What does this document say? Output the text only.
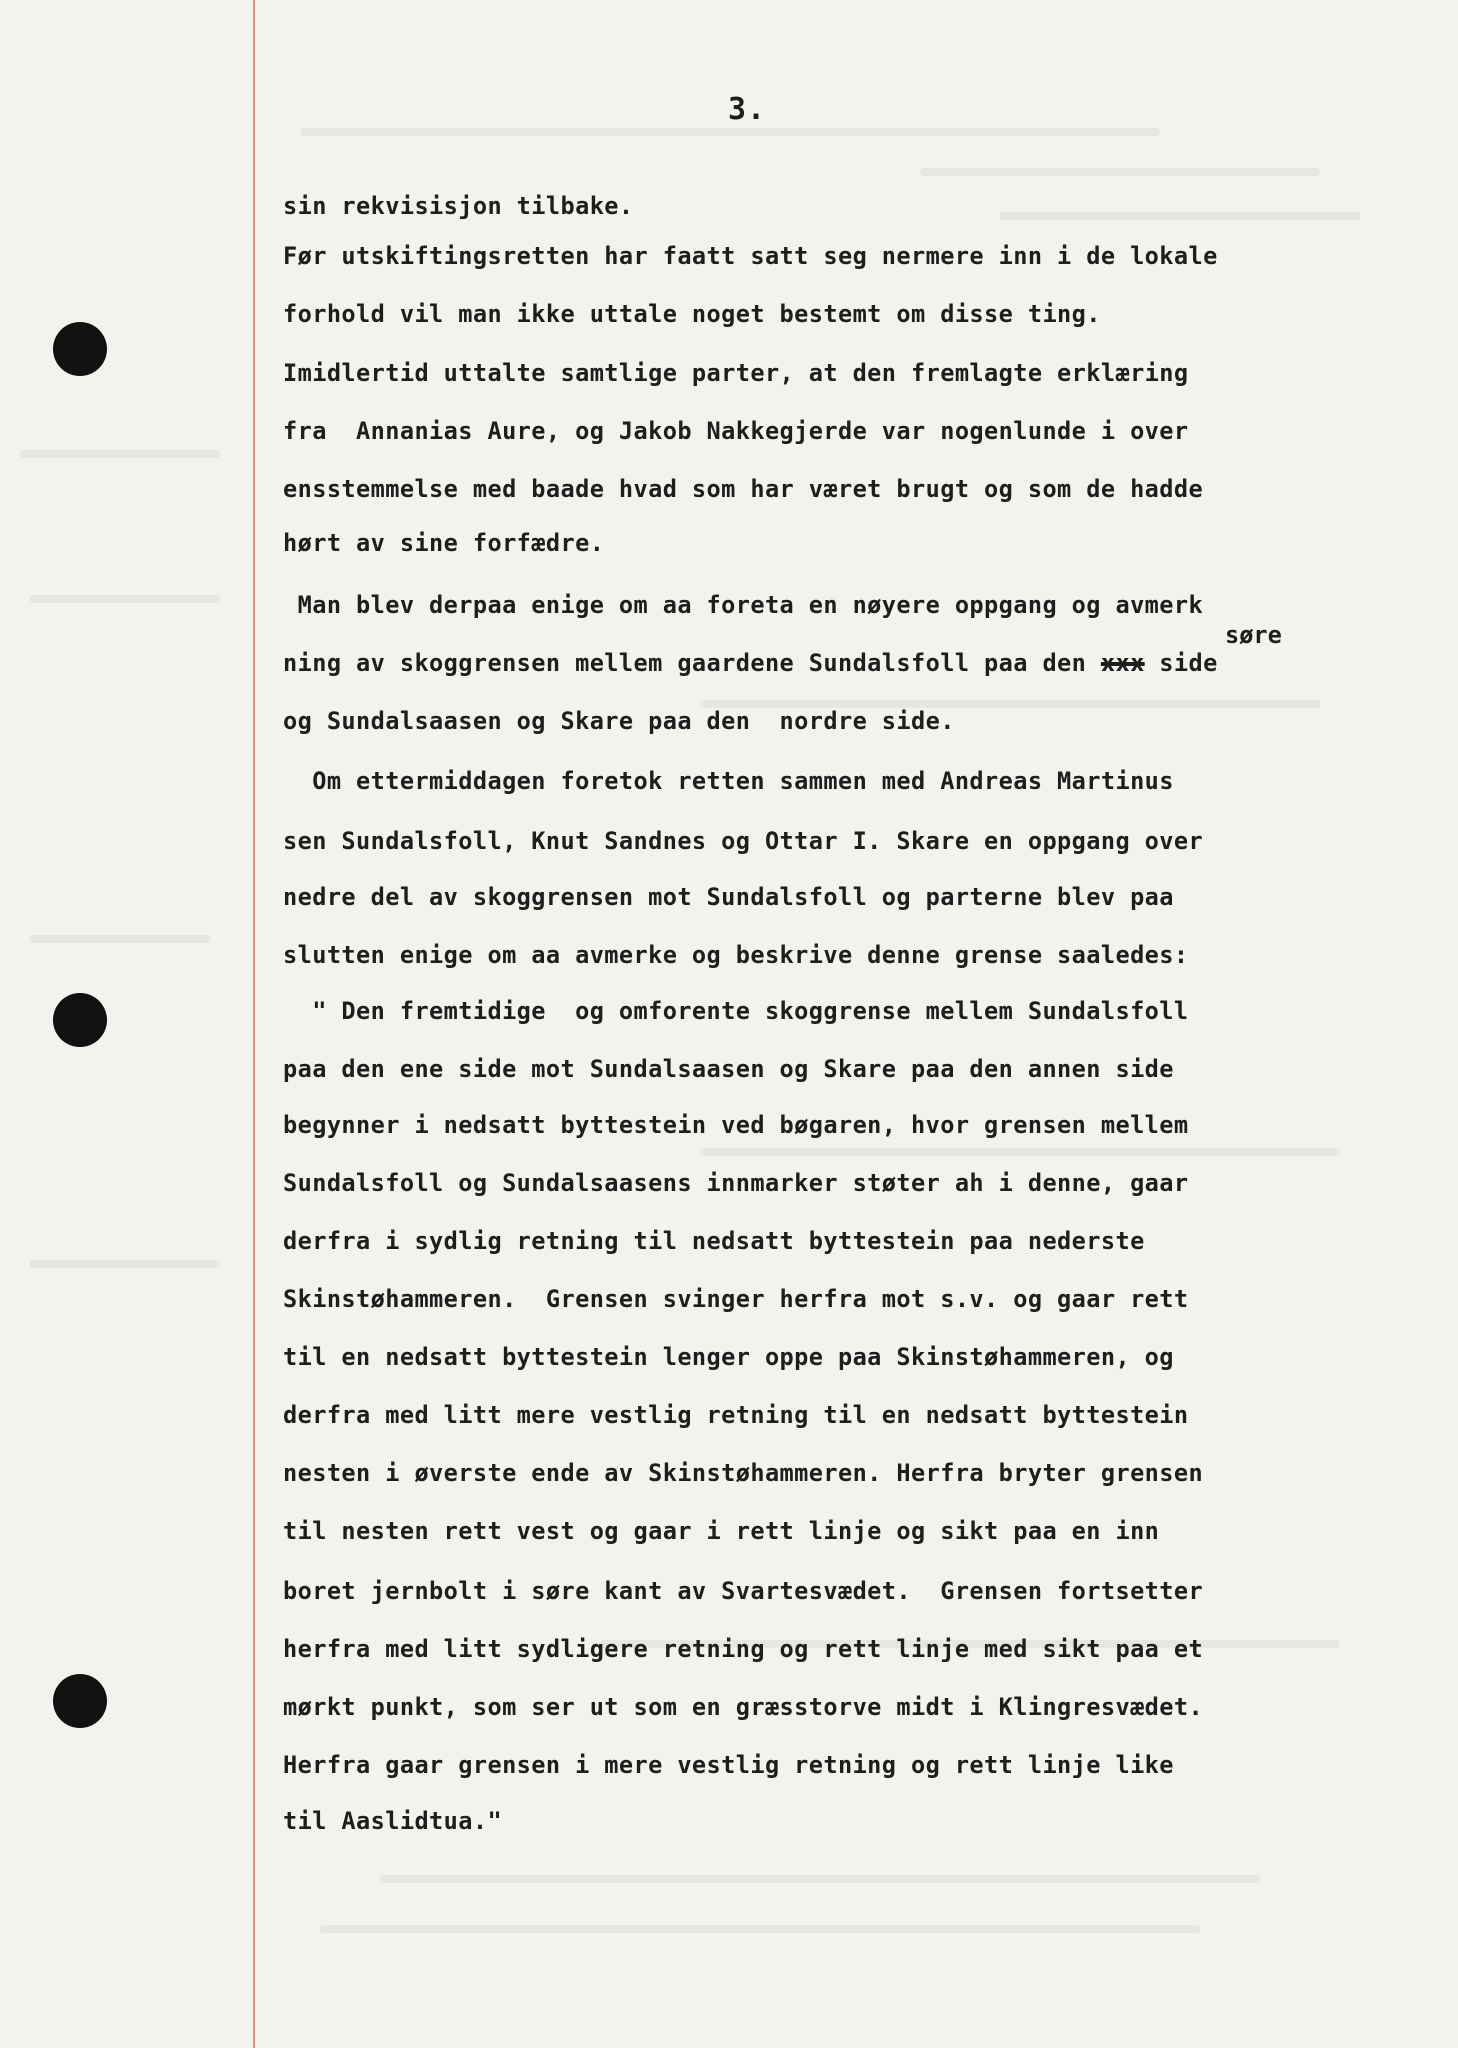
3.
sin rekvisisjon tilbake.
Før utskiftingsretten har faatt satt seg nermere inn i de lokale
forhold vil man ikke uttale noget bestemt om disse ting.
Imidlertid uttalte samtlige parter, at den fremlagte erklæring
fra  Annanias Aure, og Jakob Nakkegjerde var nogenlunde i over
ensstemmelse med baade hvad som har været brugt og som de hadde
hørt av sine forfædre.
Man blev derpaa enige om aa foreta en nøyere oppgang og avmerk
søre
ning av skoggrensen mellem gaardene Sundalsfoll paa den xxx side
og Sundalsaasen og Skare paa den  nordre side.
Om ettermiddagen foretok retten sammen med Andreas Martinus
sen Sundalsfoll, Knut Sandnes og Ottar I. Skare en oppgang over
nedre del av skoggrensen mot Sundalsfoll og parterne blev paa
slutten enige om aa avmerke og beskrive denne grense saaledes:
" Den fremtidige  og omforente skoggrense mellem Sundalsfoll
paa den ene side mot Sundalsaasen og Skare paa den annen side
begynner i nedsatt byttestein ved bøgaren, hvor grensen mellem
Sundalsfoll og Sundalsaasens innmarker støter ah i denne, gaar
derfra i sydlig retning til nedsatt byttestein paa nederste
Skinstøhammeren.  Grensen svinger herfra mot s.v. og gaar rett
til en nedsatt byttestein lenger oppe paa Skinstøhammeren, og
derfra med litt mere vestlig retning til en nedsatt byttestein
nesten i øverste ende av Skinstøhammeren. Herfra bryter grensen
til nesten rett vest og gaar i rett linje og sikt paa en inn
boret jernbolt i søre kant av Svartesvædet.  Grensen fortsetter
herfra med litt sydligere retning og rett linje med sikt paa et
mørkt punkt, som ser ut som en græsstorve midt i Klingresvædet.
Herfra gaar grensen i mere vestlig retning og rett linje like
til Aaslidtua."
